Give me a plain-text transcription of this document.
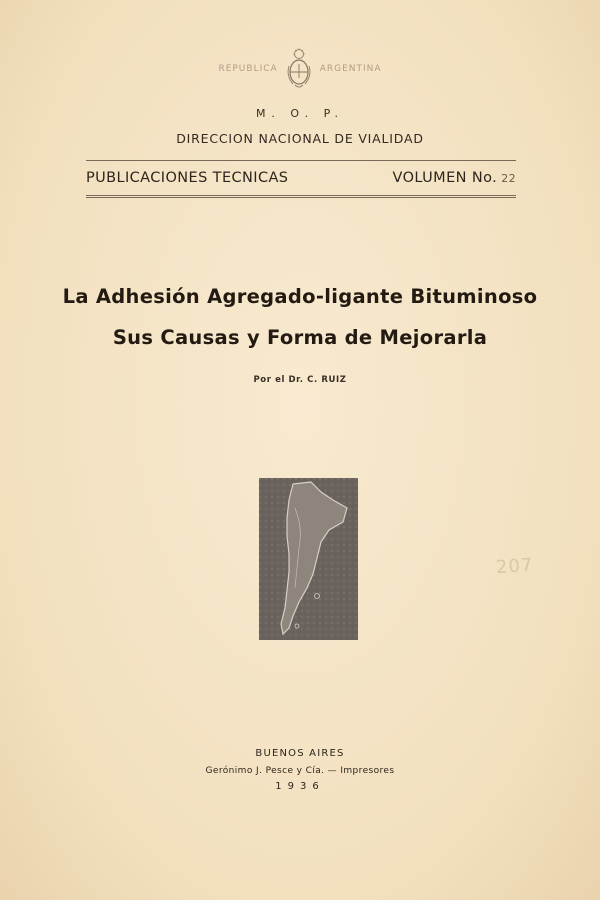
REPUBLICA	ARGENTINA
M. O. P.
DIRECCION NACIONAL DE VIALIDAD
PUBLICACIONES TECNICAS	VOLUMEN No. 22
La Adhesión Agregado-ligante Bituminoso
Sus Causas y Forma de Mejorarla
Por el Dr. C. RUIZ
207
BUENOS AIRES
Gerónimo J. Pesce y Cía. — Impresores
1936
